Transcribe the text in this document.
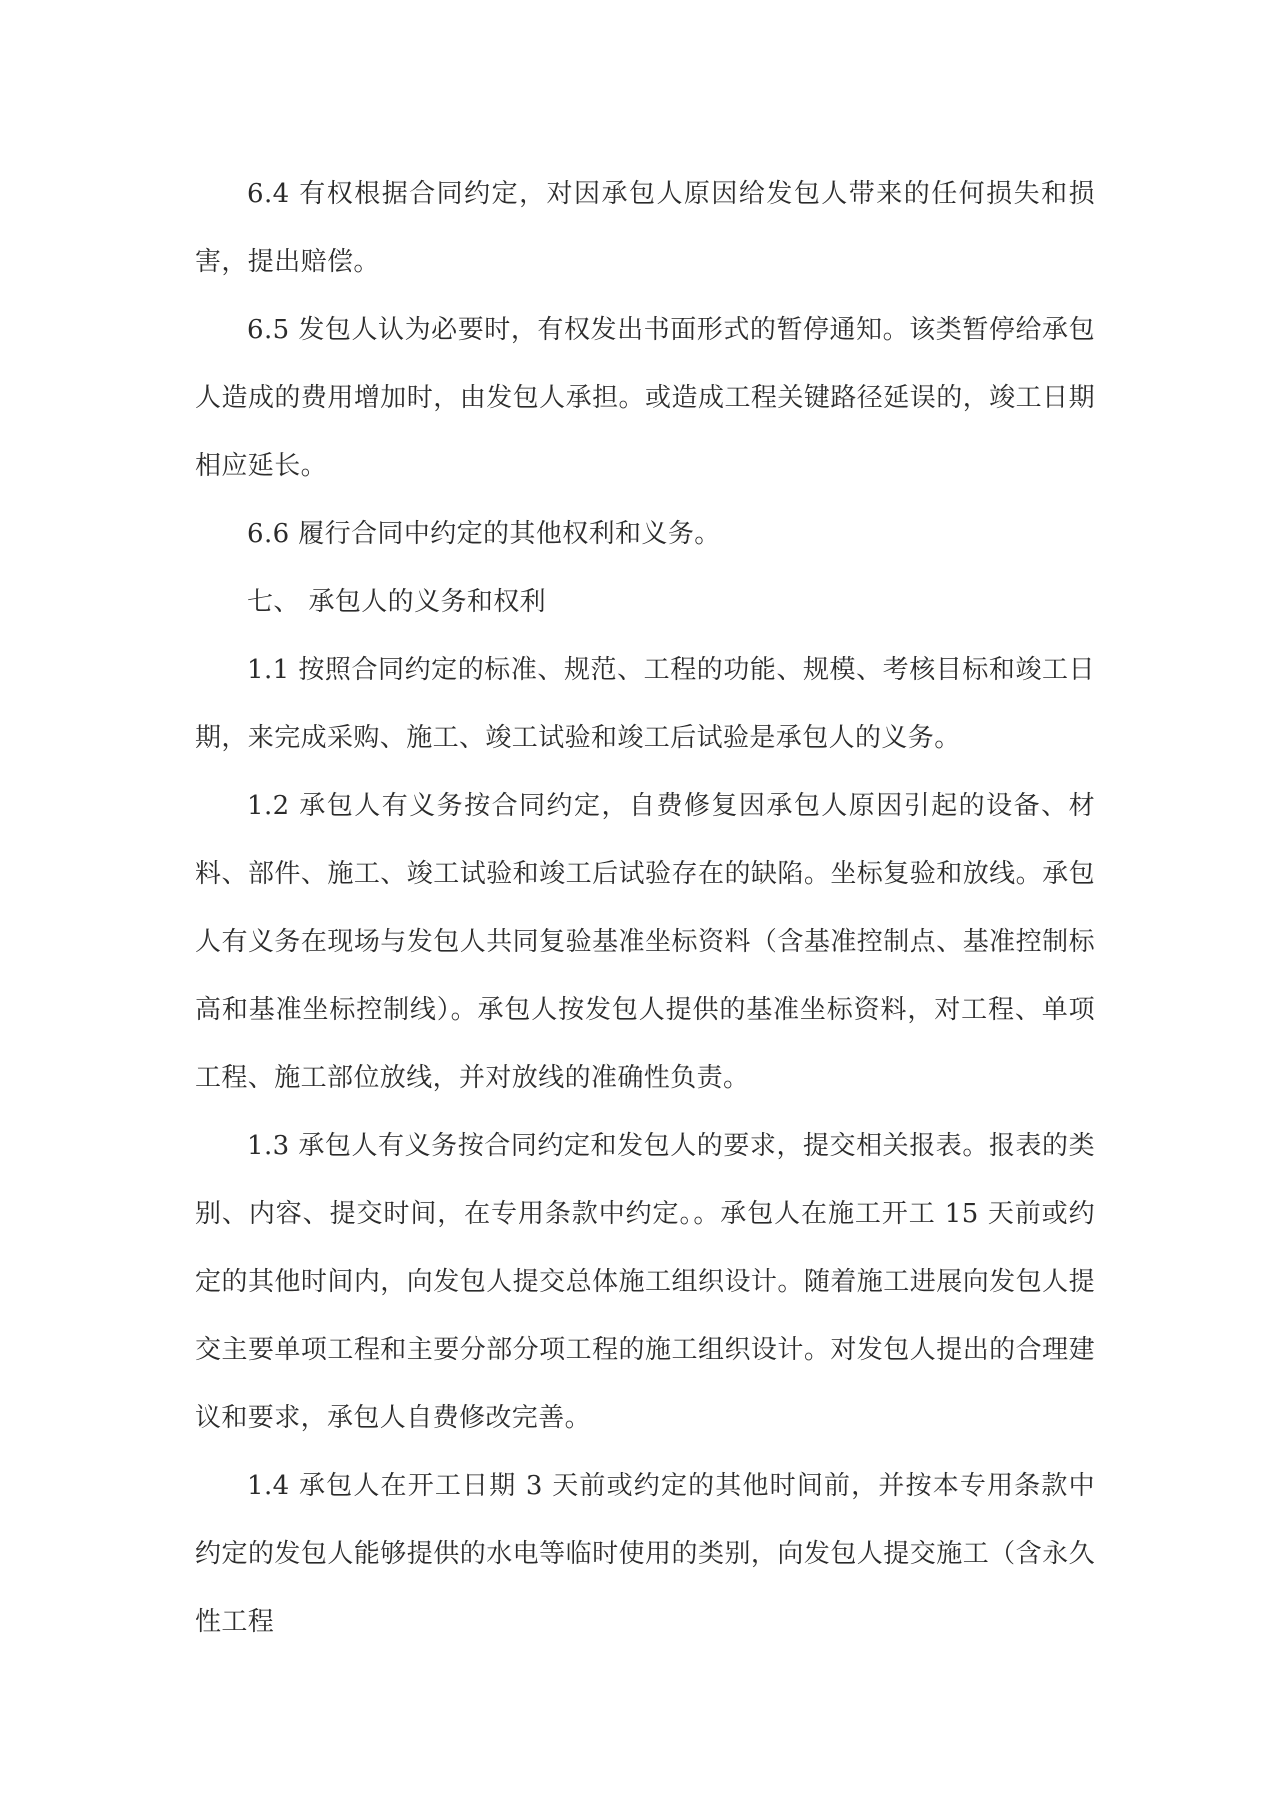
6.4 有权根据合同约定，对因承包人原因给发包人带来的任何损失和损害，提出赔偿。

6.5 发包人认为必要时，有权发出书面形式的暂停通知。该类暂停给承包人造成的费用增加时，由发包人承担。或造成工程关键路径延误的，竣工日期相应延长。

6.6 履行合同中约定的其他权利和义务。

七、 承包人的义务和权利

1.1 按照合同约定的标准、规范、工程的功能、规模、考核目标和竣工日期，来完成采购、施工、竣工试验和竣工后试验是承包人的义务。

1.2 承包人有义务按合同约定，自费修复因承包人原因引起的设备、材料、部件、施工、竣工试验和竣工后试验存在的缺陷。坐标复验和放线。承包人有义务在现场与发包人共同复验基准坐标资料（含基准控制点、基准控制标高和基准坐标控制线）。承包人按发包人提供的基准坐标资料，对工程、单项工程、施工部位放线，并对放线的准确性负责。

1.3 承包人有义务按合同约定和发包人的要求，提交相关报表。报表的类别、内容、提交时间，在专用条款中约定。。承包人在施工开工 15 天前或约定的其他时间内，向发包人提交总体施工组织设计。随着施工进展向发包人提交主要单项工程和主要分部分项工程的施工组织设计。对发包人提出的合理建议和要求，承包人自费修改完善。

1.4 承包人在开工日期 3 天前或约定的其他时间前，并按本专用条款中约定的发包人能够提供的水电等临时使用的类别，向发包人提交施工（含永久性工程
